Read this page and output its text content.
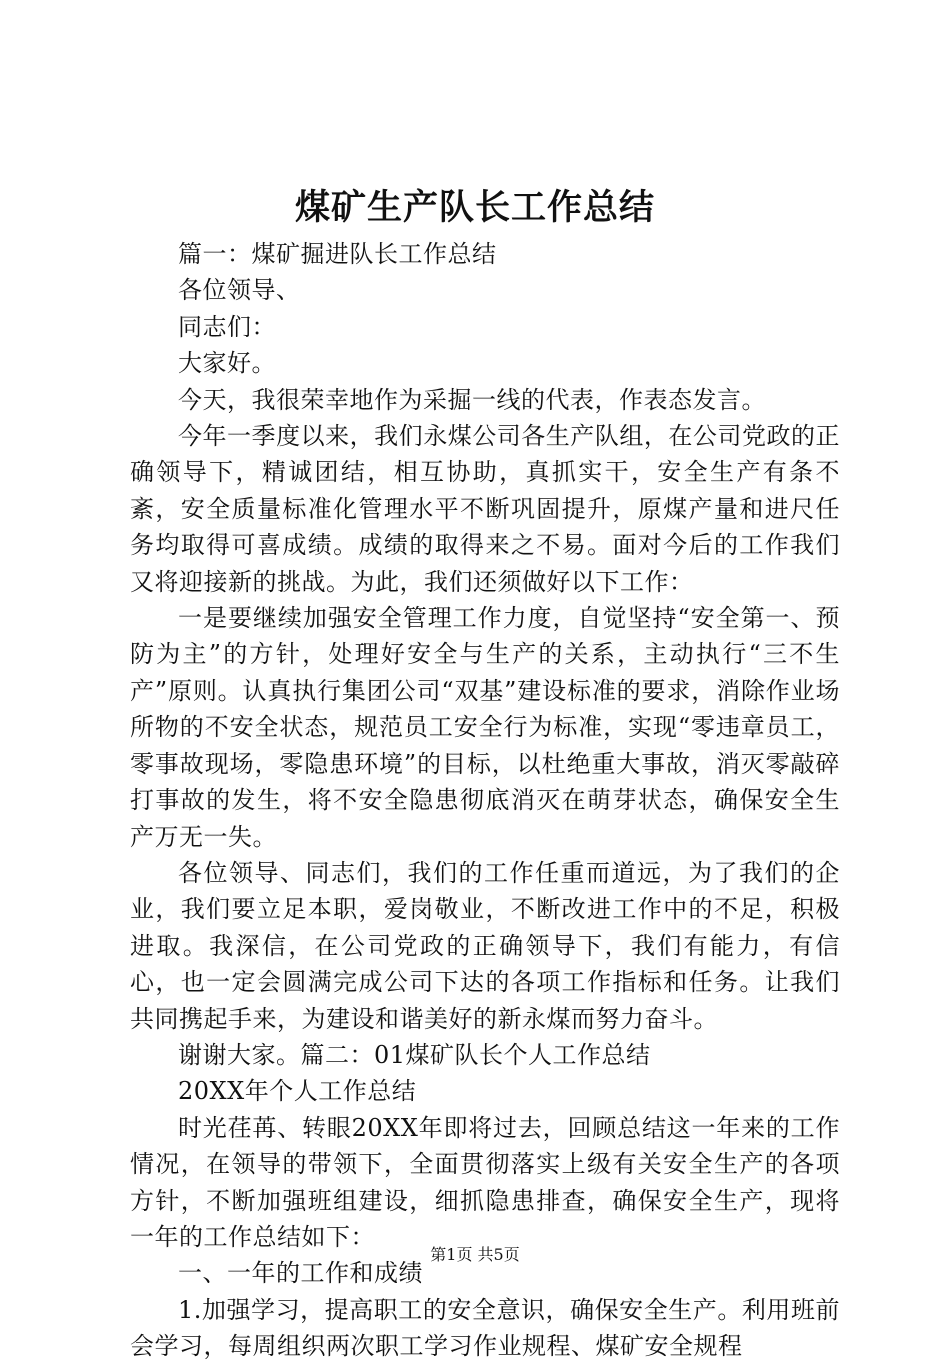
煤矿生产队长工作总结

篇一：煤矿掘进队长工作总结

各位领导、

同志们：

大家好。

今天，我很荣幸地作为采掘一线的代表，作表态发言。

今年一季度以来，我们永煤公司各生产队组，在公司党政的正确领导下，精诚团结，相互协助，真抓实干，安全生产有条不紊，安全质量标准化管理水平不断巩固提升，原煤产量和进尺任务均取得可喜成绩。成绩的取得来之不易。面对今后的工作我们又将迎接新的挑战。为此，我们还须做好以下工作：

一是要继续加强安全管理工作力度，自觉坚持“安全第一、预防为主”的方针，处理好安全与生产的关系，主动执行“三不生产”原则。认真执行集团公司“双基”建设标准的要求，消除作业场所物的不安全状态，规范员工安全行为标准，实现“零违章员工，零事故现场，零隐患环境”的目标，以杜绝重大事故，消灭零敲碎打事故的发生，将不安全隐患彻底消灭在萌芽状态，确保安全生产万无一失。

各位领导、同志们，我们的工作任重而道远，为了我们的企业，我们要立足本职，爱岗敬业，不断改进工作中的不足，积极进取。我深信，在公司党政的正确领导下，我们有能力，有信心，也一定会圆满完成公司下达的各项工作指标和任务。让我们共同携起手来，为建设和谐美好的新永煤而努力奋斗。

谢谢大家。篇二：01煤矿队长个人工作总结

20XX年个人工作总结

时光荏苒、转眼20XX年即将过去，回顾总结这一年来的工作情况，在领导的带领下，全面贯彻落实上级有关安全生产的各项方针，不断加强班组建设，细抓隐患排查，确保安全生产，现将一年的工作总结如下：

一、一年的工作和成绩

1.加强学习，提高职工的安全意识，确保安全生产。利用班前会学习，每周组织两次职工学习作业规程、煤矿安全规程

第1页 共5页
